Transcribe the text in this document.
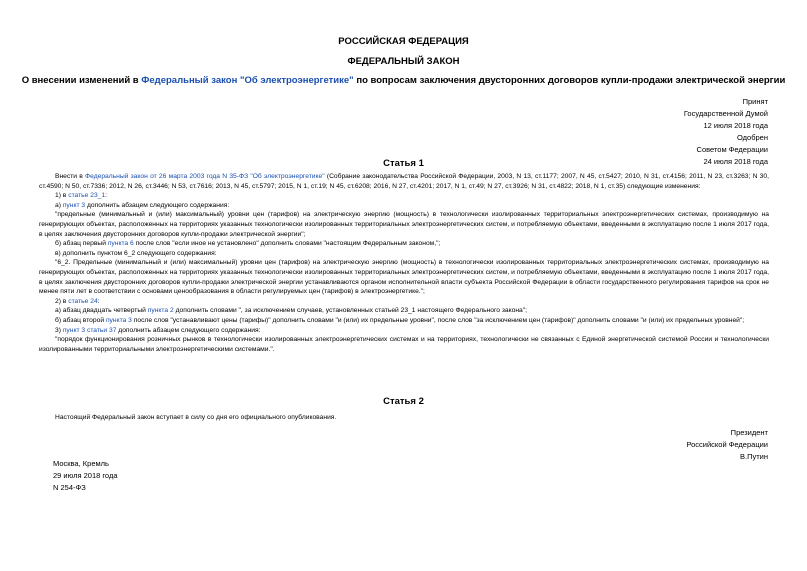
РОССИЙСКАЯ ФЕДЕРАЦИЯ
ФЕДЕРАЛЬНЫЙ ЗАКОН
О внесении изменений в Федеральный закон "Об электроэнергетике" по вопросам заключения двусторонних договоров купли-продажи электрической энергии
Принят
Государственной Думой
12 июля 2018 года
Одобрен
Советом Федерации
24 июля 2018 года
Статья 1

Внести в Федеральный закон от 26 марта 2003 года N 35-ФЗ "Об электроэнергетике" (Собрание законодательства Российской Федерации, 2003, N 13, ст.1177; 2007, N 45, ст.5427; 2010, N 31, ст.4156; 2011, N 23, ст.3263; N 30, ст.4590; N 50, ст.7336; 2012, N 26, ст.3446; N 53, ст.7616; 2013, N 45, ст.5797; 2015, N 1, ст.19; N 45, ст.6208; 2016, N 27, ст.4201; 2017, N 1, ст.49; N 27, ст.3926; N 31, ст.4822; 2018, N 1, ст.35) следующие изменения:

1) в статье 23_1:

а) пункт 3 дополнить абзацем следующего содержания:

"предельные (минимальный и (или) максимальный) уровни цен (тарифов) на электрическую энергию (мощность) в технологически изолированных территориальных электроэнергетических системах, производимую на генерирующих объектах, расположенных на территориях указанных технологически изолированных территориальных электроэнергетических систем, и потребляемую объектами, введенными в эксплуатацию после 1 июля 2017 года, в целях заключения двусторонних договоров купли-продажи электрической энергии";

б) абзац первый пункта 6 после слов "если иное не установлено" дополнить словами "настоящим Федеральным законом,";

в) дополнить пунктом 6_2 следующего содержания:

"6_2. Предельные (минимальный и (или) максимальный) уровни цен (тарифов) на электрическую энергию (мощность) в технологически изолированных территориальных электроэнергетических системах, производимую на генерирующих объектах, расположенных на территориях указанных технологически изолированных территориальных электроэнергетических систем, и потребляемую объектами, введенными в эксплуатацию после 1 июля 2017 года, в целях заключения двусторонних договоров купли-продажи электрической энергии устанавливаются органом исполнительной власти субъекта Российской Федерации в области государственного регулирования тарифов на срок не менее пяти лет в соответствии с основами ценообразования в области регулируемых цен (тарифов) в электроэнергетике.";

2) в статье 24:

а) абзац двадцать четвертый пункта 2 дополнить словами ", за исключением случаев, установленных статьей 23_1 настоящего Федерального закона";

б) абзац второй пункта 3 после слов "устанавливают цены (тарифы)" дополнить словами "и (или) их предельные уровни", после слов "за исключением цен (тарифов)" дополнить словами "и (или) их предельных уровней";

3) пункт 3 статьи 37 дополнить абзацем следующего содержания:

"порядок функционирования розничных рынков в технологически изолированных электроэнергетических системах и на территориях, технологически не связанных с Единой энергетической системой России и технологически изолированными территориальными электроэнергетическими системами.".

Статья 2

Настоящий Федеральный закон вступает в силу со дня его официального опубликования.

Президент
Российской Федерации
В.Путин
Москва, Кремль
29 июля 2018 года
N 254-ФЗ
